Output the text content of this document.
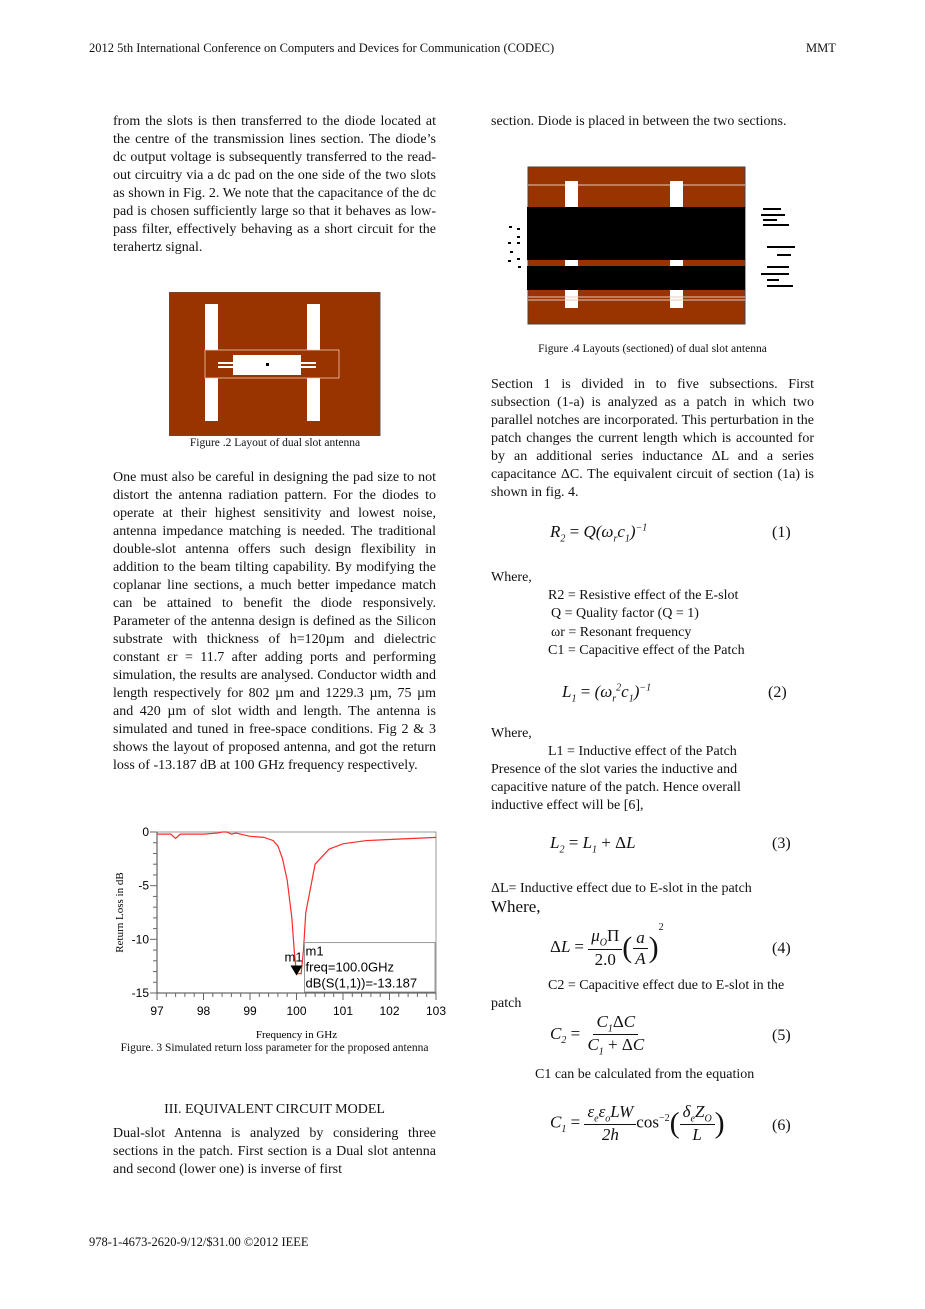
2012 5th International Conference on Computers and Devices for Communication (CODEC)	MMT
from the slots is then transferred to the diode located at the centre of the transmission lines section. The diode’s dc output voltage is subsequently transferred to the read-out circuitry via a dc pad on the one side of the two slots as shown in Fig. 2. We note that the capacitance of the dc pad is chosen sufficiently large so that it behaves as low-pass filter, effectively behaving as a short circuit for the terahertz signal.
Figure .2 Layout of dual slot antenna
One must also be careful in designing the pad size to not distort the antenna radiation pattern. For the diodes to operate at their highest sensitivity and lowest noise, antenna impedance matching is needed. The traditional double-slot antenna offers such design flexibility in addition to the beam tilting capability. By modifying the coplanar line sections, a much better impedance match can be attained to benefit the diode responsively. Parameter of the antenna design is defined as the Silicon substrate with thickness of h=120µm and dielectric constant εr = 11.7 after adding ports and performing simulation, the results are analysed. Conductor width and length respectively for 802 µm and 1229.3 µm, 75 µm and 420 µm of slot width and length. The antenna is simulated and tuned in free-space conditions. Fig 2 & 3 shows the layout of proposed antenna, and got the return loss of -13.187 dB at 100 GHz frequency respectively.
97	98	99 100 101 102 103
0
-5
-10
-15
m1 m1
freq=100.0GHz
dB(S(1,1))=-13.187
Frequency in GHz
Return Loss in dB
Figure. 3 Simulated return loss parameter for the proposed antenna
III. EQUIVALENT CIRCUIT MODEL
Dual-slot Antenna is analyzed by considering three sections in the patch. First section is a Dual slot antenna and second (lower one) is inverse of first
section. Diode is placed in between the two sections.
Figure .4 Layouts (sectioned) of dual slot antenna
Section 1 is divided in to five subsections. First subsection (1-a) is analyzed as a patch in which two parallel notches are incorporated. This perturbation in the patch changes the current length which is accounted for by an additional series inductance ΔL and a series capacitance ΔC. The equivalent circuit of section (1a) is shown in fig. 4.
$R_2 = Q(\omega_rc_1)^{-1}$	(1)
Where,
R2 = Resistive effect of the E-slot
Q = Quality factor (Q = 1)
ωr = Resonant frequency
C1 = Capacitive effect of the Patch
$L_1 = (\omega_r^2c_1)^{-1}$	(2)
Where,
L1 = Inductive effect of the Patch
Presence of the slot varies the inductive and capacitive nature of the patch. Hence overall inductive effect will be [6],
$L_2 = L_1 + \Delta L$	(3)
ΔL= Inductive effect due to E-slot in the patch
Where,
$\Delta L = \frac{\mu_O\Pi}{2.0}$ ( $\frac{a}{A} )^2$
(4)
C2 = Capacitive effect due to E-slot in the
patch
$C_2 = \frac{C_1\Delta C}{C_1 + \Delta C}$	(5)
C1 can be calculated from the equation
$C_1 = \frac{\varepsilon_e\varepsilon_oLW}{2h} \cos^{-2}( \frac{\delta_eZ_O}{L}$ )	(6)
978-1-4673-2620-9/12/$31.00 ©2012 IEEE
